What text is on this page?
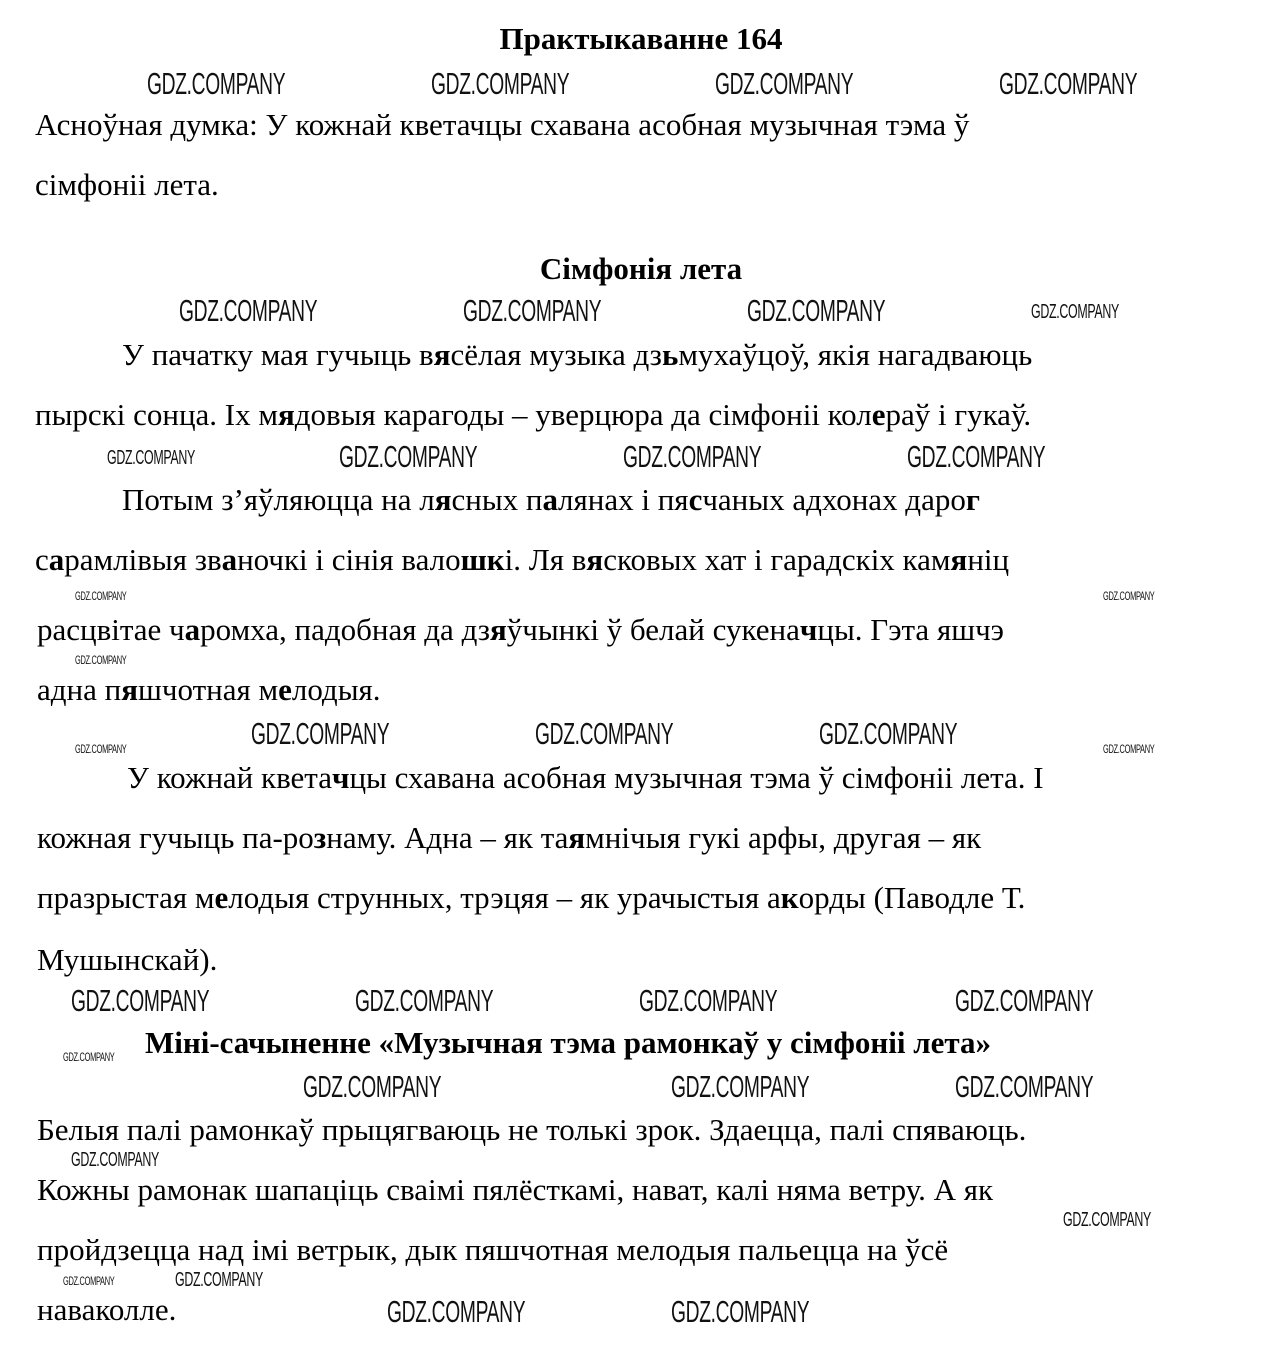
Практыкаванне 164
Асноўная думка: У кожнай кветачцы схавана асобная музычная тэма ў
сімфоніі лета.
Сімфонія лета
У пачатку мая гучыць вясёлая музыка дзьмухаўцоў, якія нагадваюць
пырскі сонца. Іх мядовыя карагоды – уверцюра да сімфоніі колераў і гукаў.
Потым з’яўляюцца на лясных палянах і пясчаных адхонах дарог
сарамлівыя званочкі і сінія валошкі. Ля вясковых хат і гарадскіх камяніц
расцвітае чаромха, падобная да дзяўчынкі ў белай сукеначцы. Гэта яшчэ
адна пяшчотная мелодыя.
У кожнай кветачцы схавана асобная музычная тэма ў сімфоніі лета. І
кожная гучыць па-рознаму. Адна – як таямнічыя гукі арфы, другая – як
празрыстая мелодыя струнных, трэцяя – як урачыстыя акорды (Паводле Т.
Мушынскай).
Міні-сачыненне «Музычная тэма рамонкаў у сімфоніі лета»
Белыя палі рамонкаў прыцягваюць не толькі зрок. Здаецца, палі спяваюць.
Кожны рамонак шапаціць сваімі пялёсткамі, нават, калі няма ветру. А як
пройдзецца над імі ветрык, дык пяшчотная мелодыя пальецца на ўсё
наваколле.
GDZ.COMPANY	GDZ.COMPANY	GDZ.COMPANY	GDZ.COMPANY
GDZ.COMPANY	GDZ.COMPANY	GDZ.COMPANY	GDZ.COMPANY
GDZ.COMPANY	GDZ.COMPANY	GDZ.COMPANY	GDZ.COMPANY
GDZ.COMPANY	GDZ.COMPANY
GDZ.COMPANY
GDZ.COMPANY	GDZ.COMPANY	GDZ.COMPANY
GDZ.COMPANY	GDZ.COMPANY
GDZ.COMPANY	GDZ.COMPANY	GDZ.COMPANY	GDZ.COMPANY
GDZ.COMPANY
GDZ.COMPANY	GDZ.COMPANY	GDZ.COMPANY
GDZ.COMPANY
GDZ.COMPANY
GDZ.COMPANY	GDZ.COMPANY
GDZ.COMPANY	GDZ.COMPANY
